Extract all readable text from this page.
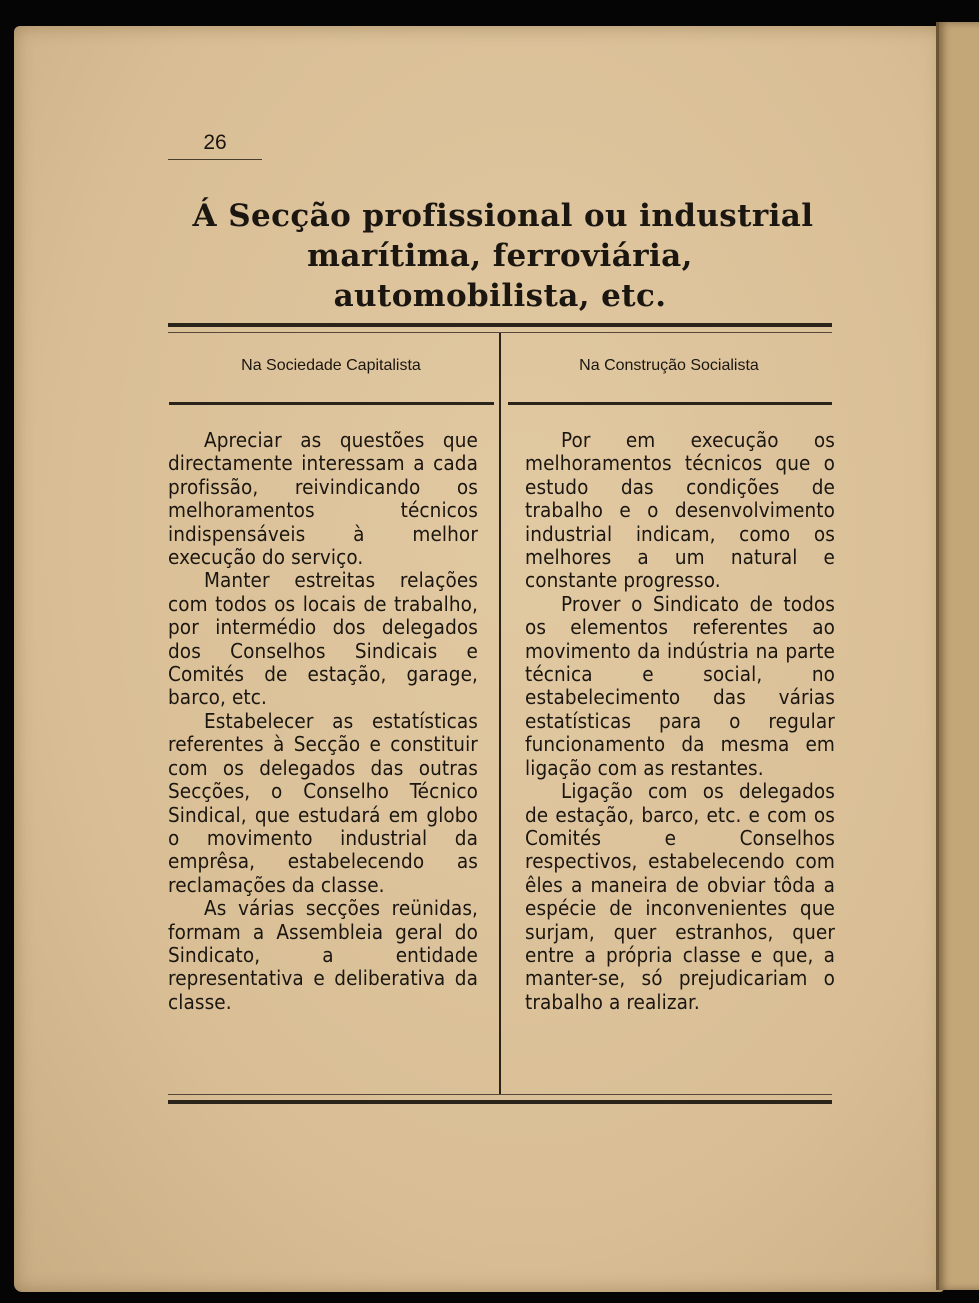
26
Á Secção profissional ou industrial
marítima, ferroviária,
automobilista, etc.
Na Sociedade Capitalista	Na Construção Socialista

Apreciar as questões que directamente interessam a cada profissão, reivindicando os melhoramentos técnicos indispensáveis à melhor execução do serviço.

Manter estreitas relações com todos os locais de trabalho, por intermédio dos delegados dos Conselhos Sindicais e Comités de estação, garage, barco, etc.

Estabelecer as estatísticas referentes à Secção e constituir com os delegados das outras Secções, o Conselho Técnico Sindical, que estudará em globo o movimento industrial da emprêsa, estabelecendo as reclamações da classe.

As várias secções reünidas, formam a Assembleia geral do Sindicato, a entidade representativa e deliberativa da classe.

Por em execução os melhoramentos técnicos que o estudo das condições de trabalho e o desenvolvimento industrial indicam, como os melhores a um natural e constante progresso.

Prover o Sindicato de todos os elementos referentes ao movimento da indústria na parte técnica e social, no estabelecimento das várias estatísticas para o regular funcionamento da mesma em ligação com as restantes.

Ligação com os delegados de estação, barco, etc. e com os Comités e Conselhos respectivos, estabelecendo com êles a maneira de obviar tôda a espécie de inconvenientes que surjam, quer estranhos, quer entre a própria classe e que, a manter-se, só prejudicariam o trabalho a realizar.
